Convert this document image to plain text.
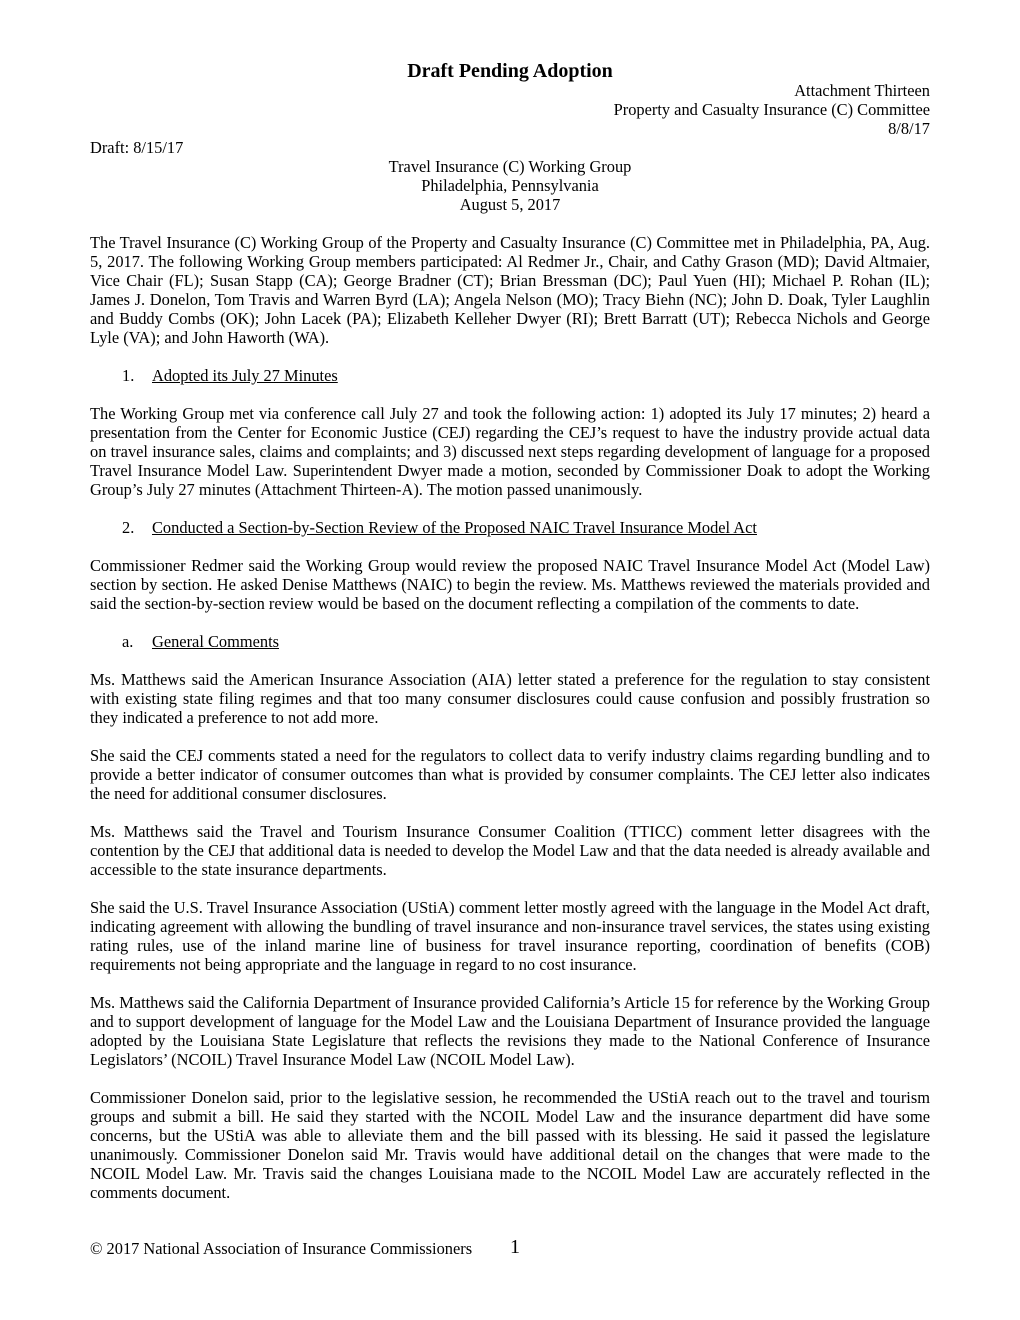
Draft Pending Adoption
Attachment Thirteen
Property and Casualty Insurance (C) Committee
8/8/17
Draft: 8/15/17
Travel Insurance (C) Working Group
Philadelphia, Pennsylvania
August 5, 2017

The Travel Insurance (C) Working Group of the Property and Casualty Insurance (C) Committee met in Philadelphia, PA, Aug. 5, 2017. The following Working Group members participated: Al Redmer Jr., Chair, and Cathy Grason (MD); David Altmaier, Vice Chair (FL); Susan Stapp (CA); George Bradner (CT); Brian Bressman (DC); Paul Yuen (HI); Michael P. Rohan (IL); James J. Donelon, Tom Travis and Warren Byrd (LA); Angela Nelson (MO); Tracy Biehn (NC); John D. Doak, Tyler Laughlin and Buddy Combs (OK); John Lacek (PA); Elizabeth Kelleher Dwyer (RI); Brett Barratt (UT); Rebecca Nichols and George Lyle (VA); and John Haworth (WA).

1. Adopted its July 27 Minutes

The Working Group met via conference call July 27 and took the following action: 1) adopted its July 17 minutes; 2) heard a presentation from the Center for Economic Justice (CEJ) regarding the CEJ’s request to have the industry provide actual data on travel insurance sales, claims and complaints; and 3) discussed next steps regarding development of language for a proposed Travel Insurance Model Law. Superintendent Dwyer made a motion, seconded by Commissioner Doak to adopt the Working Group’s July 27 minutes (Attachment Thirteen-A). The motion passed unanimously.

2. Conducted a Section-by-Section Review of the Proposed NAIC Travel Insurance Model Act

Commissioner Redmer said the Working Group would review the proposed NAIC Travel Insurance Model Act (Model Law) section by section. He asked Denise Matthews (NAIC) to begin the review. Ms. Matthews reviewed the materials provided and said the section-by-section review would be based on the document reflecting a compilation of the comments to date.

a. General Comments

Ms. Matthews said the American Insurance Association (AIA) letter stated a preference for the regulation to stay consistent with existing state filing regimes and that too many consumer disclosures could cause confusion and possibly frustration so they indicated a preference to not add more.

She said the CEJ comments stated a need for the regulators to collect data to verify industry claims regarding bundling and to provide a better indicator of consumer outcomes than what is provided by consumer complaints. The CEJ letter also indicates the need for additional consumer disclosures.

Ms. Matthews said the Travel and Tourism Insurance Consumer Coalition (TTICC) comment letter disagrees with the contention by the CEJ that additional data is needed to develop the Model Law and that the data needed is already available and accessible to the state insurance departments.

She said the U.S. Travel Insurance Association (UStiA) comment letter mostly agreed with the language in the Model Act draft, indicating agreement with allowing the bundling of travel insurance and non-insurance travel services, the states using existing rating rules, use of the inland marine line of business for travel insurance reporting, coordination of benefits (COB) requirements not being appropriate and the language in regard to no cost insurance.

Ms. Matthews said the California Department of Insurance provided California’s Article 15 for reference by the Working Group and to support development of language for the Model Law and the Louisiana Department of Insurance provided the language adopted by the Louisiana State Legislature that reflects the revisions they made to the National Conference of Insurance Legislators’ (NCOIL) Travel Insurance Model Law (NCOIL Model Law).

Commissioner Donelon said, prior to the legislative session, he recommended the UStiA reach out to the travel and tourism groups and submit a bill. He said they started with the NCOIL Model Law and the insurance department did have some concerns, but the UStiA was able to alleviate them and the bill passed with its blessing. He said it passed the legislature unanimously. Commissioner Donelon said Mr. Travis would have additional detail on the changes that were made to the NCOIL Model Law. Mr. Travis said the changes Louisiana made to the NCOIL Model Law are accurately reflected in the comments document.

© 2017 National Association of Insurance Commissioners 1
